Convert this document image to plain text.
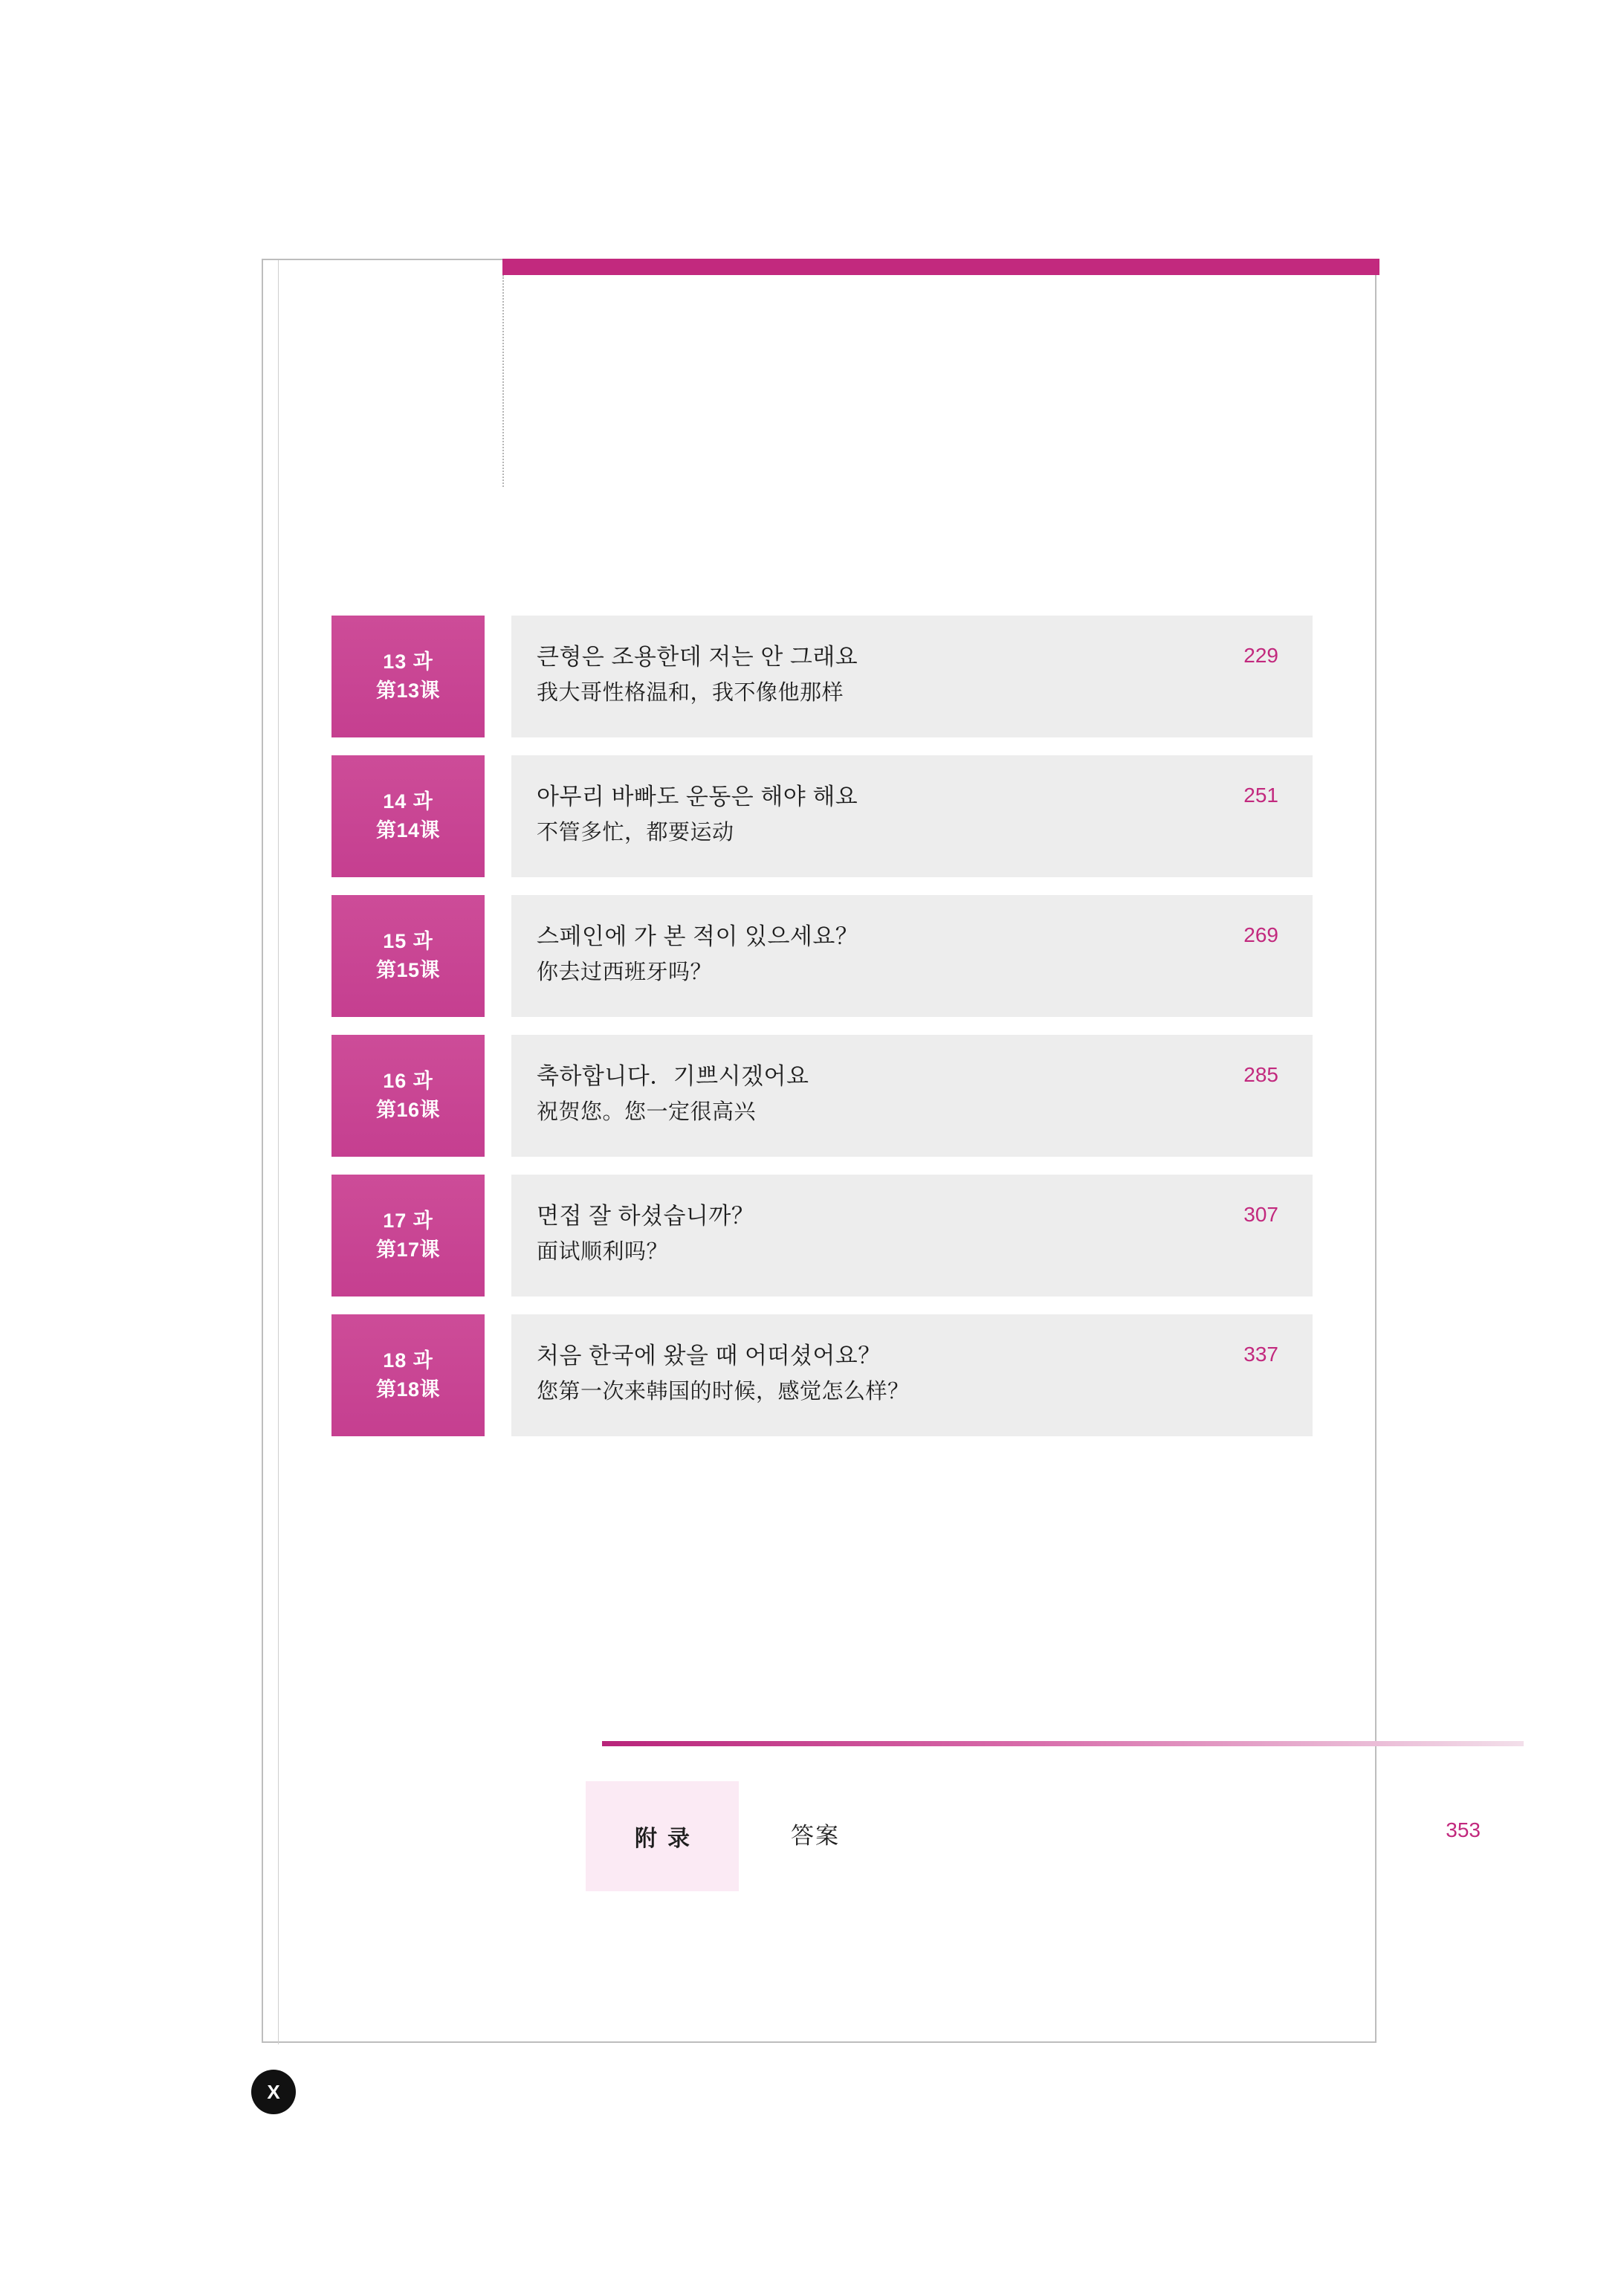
13 과
第13课
큰형은 조용한데 저는 안 그래요
我大哥性格温和，我不像他那样
229
14 과
第14课
아무리 바빠도 운동은 해야 해요
不管多忙，都要运动
251
15 과
第15课
스페인에 가 본 적이 있으세요？
你去过西班牙吗？
269
16 과
第16课
축하합니다．기쁘시겠어요
祝贺您。您一定很高兴
285
17 과
第17课
면접 잘 하셨습니까？
面试顺利吗？
307
18 과
第18课
처음 한국에 왔을 때 어떠셨어요？
您第一次来韩国的时候，感觉怎么样？
337
附录	答案	353
X
